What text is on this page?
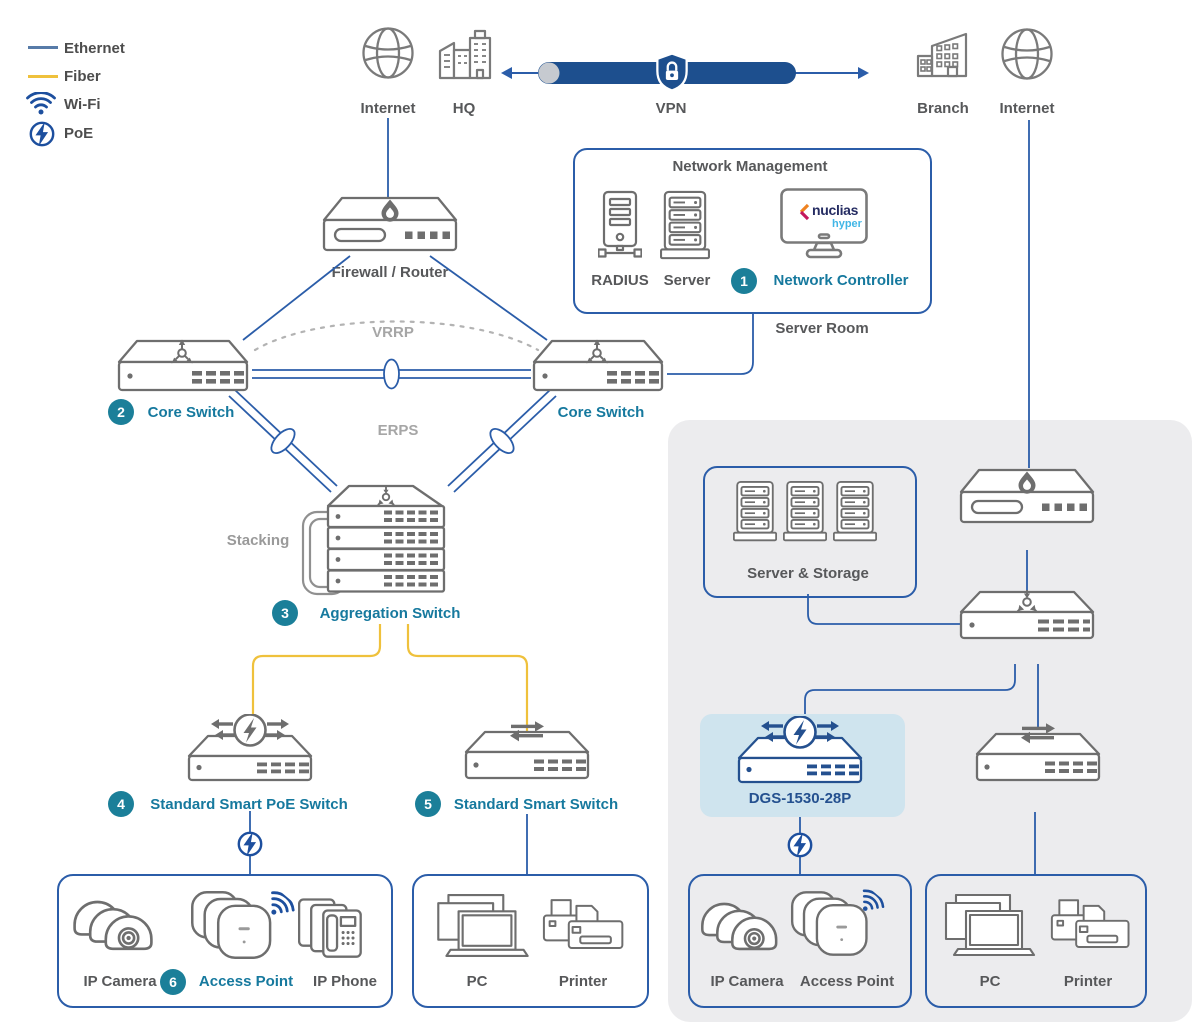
Ethernet
Fiber
Wi-Fi
PoE
Internet HQ	VPN	Branch Internet
Network Management
nuclias
hyper
RADIUS Server	1	Network Controller
Server Room
Firewall / Router
VRRP
2	Core Switch	Core Switch
ERPS
Stacking
3	Aggregation Switch
4	Standard Smart PoE Switch	5	Standard Smart Switch
IP Camera 6	Access Point IP Phone	PC	Printer
Server & Storage
DGS-1530-28P
IP Camera Access Point	PC	Printer
